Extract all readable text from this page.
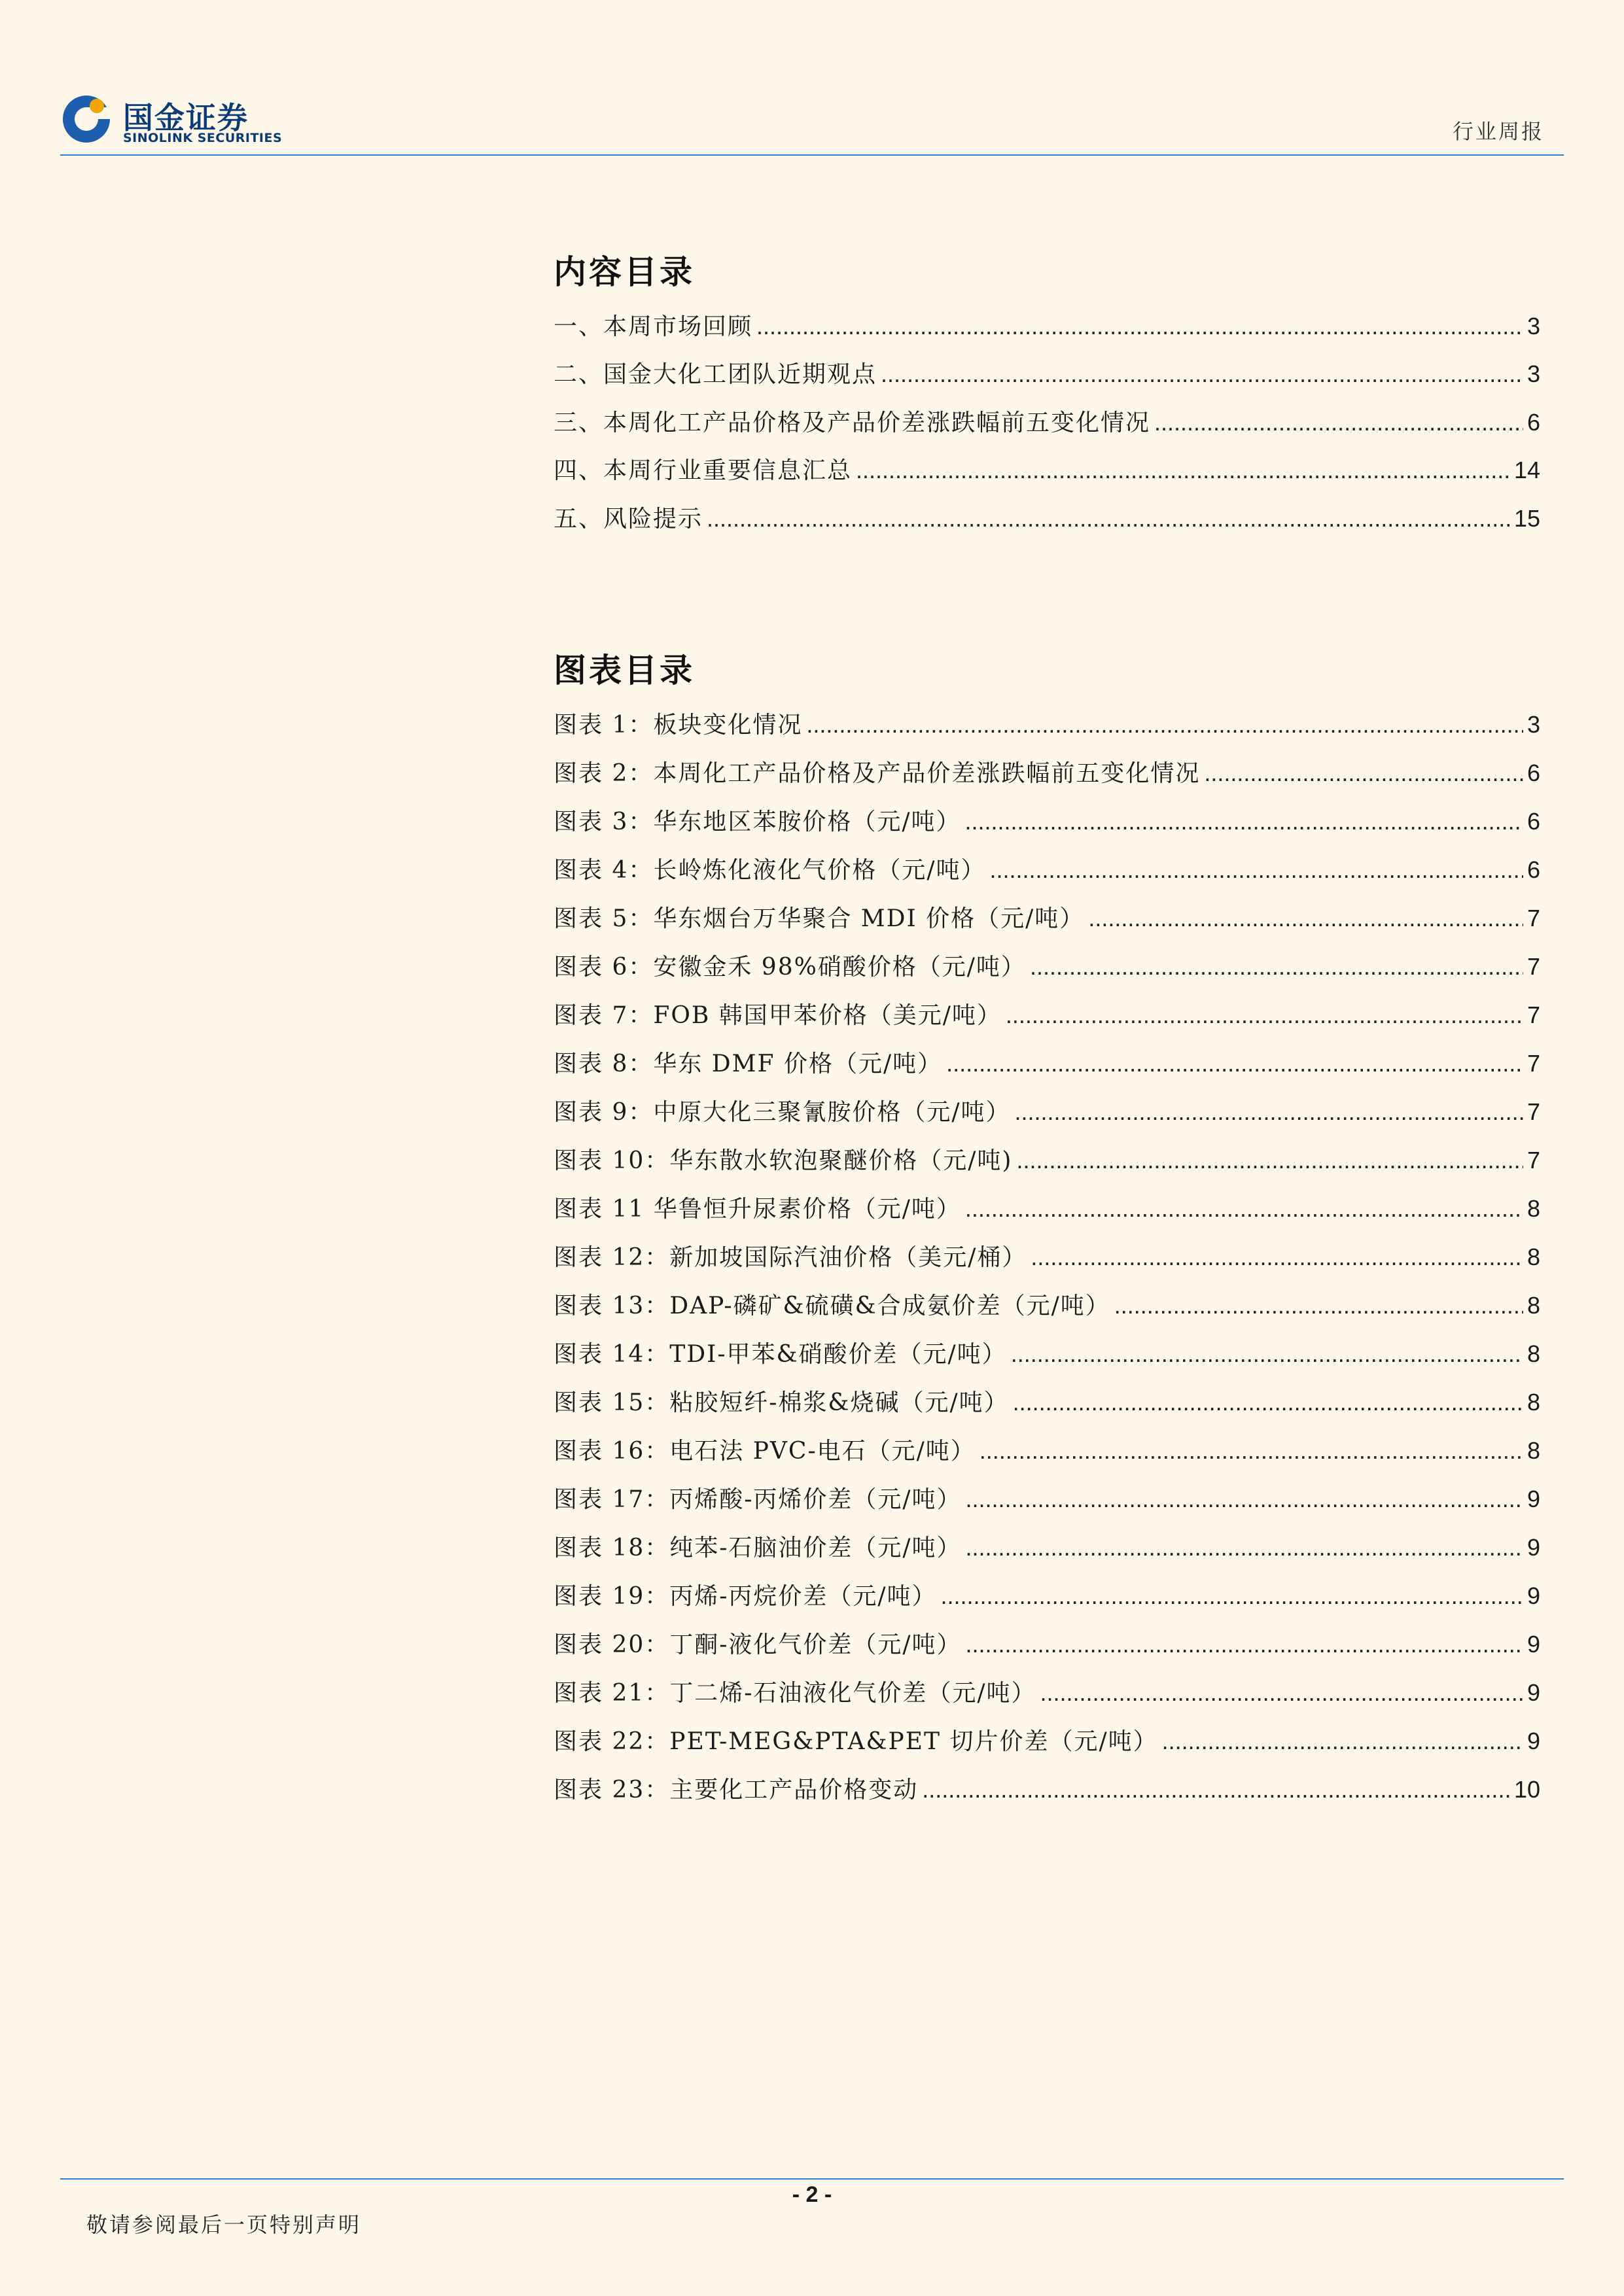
国金证券
SINOLINK SECURITIES	行业周报
内容目录
一、本周市场回顾 .....	3
二、国金大化工团队近期观点 .....	3
三、本周化工产品价格及产品价差涨跌幅前五变化情况 .....	6
四、本周行业重要信息汇总 .....	14
五、风险提示 .....	15
图表目录
图表 1：板块变化情况 .....	3
图表 2：本周化工产品价格及产品价差涨跌幅前五变化情况 .....	6
图表 3：华东地区苯胺价格（元/吨） .....	6
图表 4：长岭炼化液化气价格（元/吨） .....	6
图表 5：华东烟台万华聚合 MDI 价格（元/吨） .....	7
图表 6：安徽金禾 98%硝酸价格（元/吨） .....	7
图表 7：FOB 韩国甲苯价格（美元/吨） .....	7
图表 8：华东 DMF 价格（元/吨） .....	7
图表 9：中原大化三聚氰胺价格（元/吨） .....	7
图表 10：华东散水软泡聚醚价格（元/吨) .....	7
图表 11 华鲁恒升尿素价格（元/吨） .....	8
图表 12：新加坡国际汽油价格（美元/桶） .....	8
图表 13：DAP-磷矿&硫磺&合成氨价差（元/吨） .....	8
图表 14：TDI-甲苯&硝酸价差（元/吨） .....	8
图表 15：粘胶短纤-棉浆&烧碱（元/吨） .....	8
图表 16：电石法 PVC-电石（元/吨） .....	8
图表 17：丙烯酸-丙烯价差（元/吨） .....	9
图表 18：纯苯-石脑油价差（元/吨） .....	9
图表 19：丙烯-丙烷价差（元/吨） .....	9
图表 20：丁酮-液化气价差（元/吨） .....	9
图表 21：丁二烯-石油液化气价差（元/吨） .....	9
图表 22：PET-MEG&PTA&PET 切片价差（元/吨） .....	9
图表 23：主要化工产品价格变动 .....	10
- 2 -
敬请参阅最后一页特别声明
